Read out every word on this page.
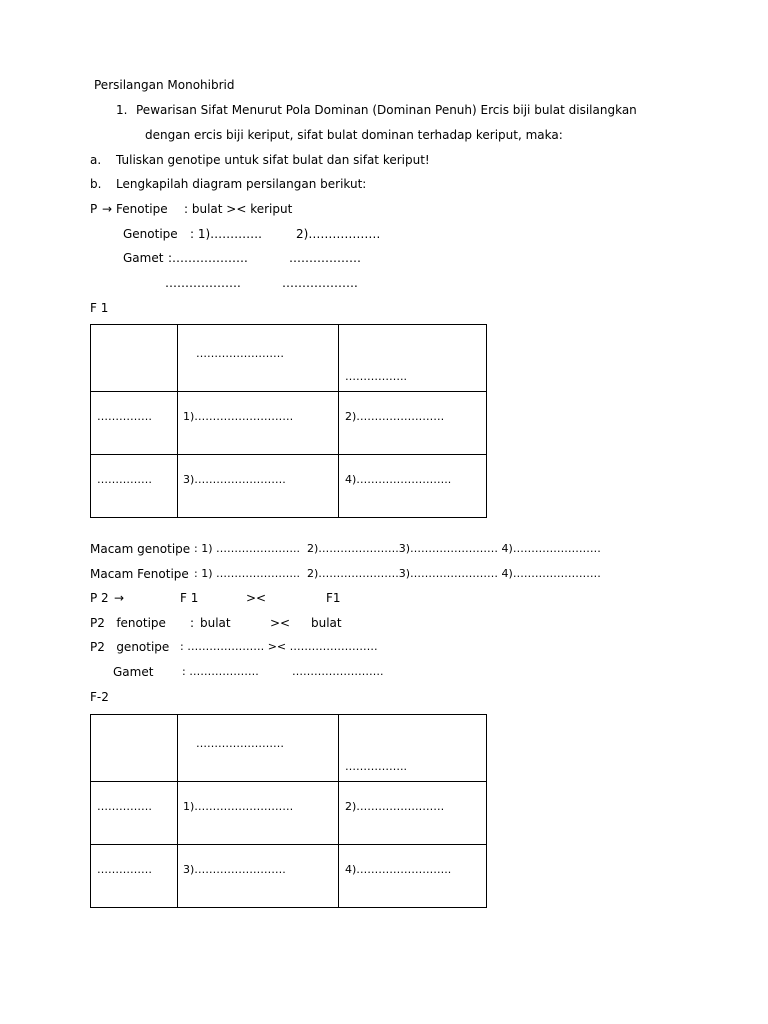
Persilangan Monohibrid
1. Pewarisan Sifat Menurut Pola Dominan (Dominan Penuh) Ercis biji bulat disilangkan
dengan ercis biji keriput, sifat bulat dominan terhadap keriput, maka:
a. Tuliskan genotipe untuk sifat bulat dan sifat keriput!
b. Lengkapilah diagram persilangan berikut:
P → Fenotipe : bulat >< keriput
Genotipe : 1)………….	2)………………
Gamet :……………….	………………
……………….	……………….
F 1

	……………………	……………..

……………	1)………………………	2)……………………

……………	3)…………………….	4)……………………..
Macam genotipe : 1) …………………..  2)………………….3)…………………… 4)……………………
Macam Fenotipe : 1) …………………..  2)………………….3)…………………… 4)……………………
P 2 →	F 1	><	F1
P2   fenotipe : bulat	>< bulat
P2   genotipe : ………………… >< ……………………
Gamet	: ……………….	…………………….
F-2

	……………………	……………..

……………	1)………………………	2)……………………

……………	3)…………………….	4)……………………..
